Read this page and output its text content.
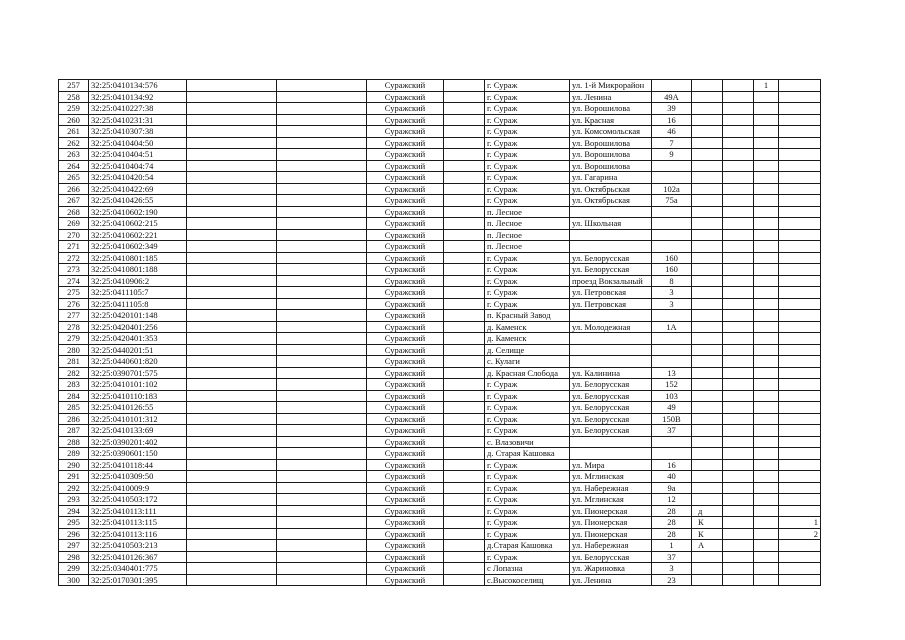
257	32:25:0410134:576			Суражский		г. Сураж	ул. 1-й Микрорайон				1	
258	32:25:0410134:92			Суражский		г. Сураж	ул. Ленина	49А				
259	32:25:0410227:38			Суражский		г. Сураж	ул. Ворошилова	39				
260	32:25:0410231:31			Суражский		г. Сураж	ул. Красная	16				
261	32:25:0410307:38			Суражский		г. Сураж	ул. Комсомольская	46				
262	32:25:0410404:50			Суражский		г. Сураж	ул. Ворошилова	7				
263	32:25:0410404:51			Суражский		г. Сураж	ул. Ворошилова	9				
264	32:25:0410404:74			Суражский		г. Сураж	ул. Ворошилова					
265	32:25:0410420:54			Суражский		г. Сураж	ул. Гагарина					
266	32:25:0410422:69			Суражский		г. Сураж	ул. Октябрьская	102а				
267	32:25:0410426:55			Суражский		г. Сураж	ул. Октябрьская	75а				
268	32:25:0410602:190			Суражский		п. Лесное						
269	32:25:0410602:215			Суражский		п. Лесное	ул. Школьная					
270	32:25:0410602:221			Суражский		п. Лесное						
271	32:25:0410602:349			Суражский		п. Лесное						
272	32:25:0410801:185			Суражский		г. Сураж	ул. Белорусская	160				
273	32:25:0410801:188			Суражский		г. Сураж	ул. Белорусская	160				
274	32:25:0410906:2			Суражский		г. Сураж	проезд Вокзальный	8				
275	32:25:0411105:7			Суражский		г. Сураж	ул. Петровская	3				
276	32:25:0411105:8			Суражский		г. Сураж	ул. Петровская	3				
277	32:25:0420101:148			Суражский		п. Красный Завод						
278	32:25:0420401:256			Суражский		д. Каменск	ул. Молодежная	1А				
279	32:25:0420401:353			Суражский		д. Каменск						
280	32:25:0440201:51			Суражский		д. Селище						
281	32:25:0440601:820			Суражский		с. Кулаги						
282	32:25:0390701:575			Суражский		д. Красная Слобода	ул. Калинина	13				
283	32:25:0410101:102			Суражский		г. Сураж	ул. Белорусская	152				
284	32:25:0410110:183			Суражский		г. Сураж	ул. Белорусская	103				
285	32:25:0410126:55			Суражский		г. Сураж	ул. Белорусская	49				
286	32:25:0410101:312			Суражский		г. Сураж	ул. Белорусская	150В				
287	32:25:0410133:69			Суражский		г. Сураж	ул. Белорусская	37				
288	32:25:0390201:402			Суражский		с. Влазовичи						
289	32:25:0390601:150			Суражский		д. Старая Кашовка						
290	32:25:0410118:44			Суражский		г. Сураж	ул. Мира	16				
291	32:25:0410309:50			Суражский		г. Сураж	ул. Мглинская	40				
292	32:25:0410009:9			Суражский		г. Сураж	ул. Набережная	9а				
293	32:25:0410503:172			Суражский		г. Сураж	ул. Мглинская	12				
294	32:25:0410113:111			Суражский		г. Сураж	ул. Пионерская	28	д			
295	32:25:0410113:115			Суражский		г. Сураж	ул. Пионерская	28	К			1
296	32:25:0410113:116			Суражский		г. Сураж	ул. Пионерская	28	К			2
297	32:25:0410503:213			Суражский		д.Старая Кашовка	ул. Набережная	1	А			
298	32:25:0410126:367			Суражский		г. Сураж	ул. Белорусская	37				
299	32:25:0340401:775			Суражский		с Лопазна	ул. Жариновка	3				
300	32:25:0170301:395			Суражский		с.Высокоселищ	ул. Ленина	23				
